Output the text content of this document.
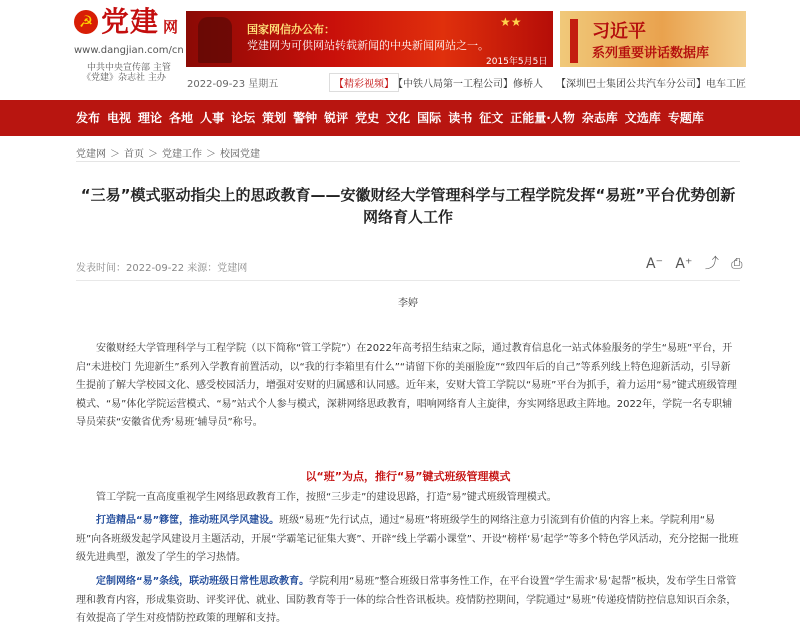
☭ 党建 网
www.dangjian.com/cn
中共中央宣传部 主管
《党建》杂志社 主办
国家网信办公布：
党建网为可供网站转载新闻的中央新闻网站之一。
★★
2015年5月5日
习近平
系列重要讲话数据库
2022-09-23 星期五	【精彩视频】 【中铁八局第一工程公司】修桥人 【深圳巴士集团公共汽车分公司】电车工匠
发布 电视 理论 各地 人事 论坛 策划 警钟 锐评 党史 文化 国际 读书 征文 正能量·人物 杂志库 文选库 专题库
党建网 ＞ 首页 ＞ 党建工作 ＞ 校园党建
“三易”模式驱动指尖上的思政教育——安徽财经大学管理科学与工程学院发挥“易班”平台优势创新网络育人工作
发表时间：2022-09-22 来源：党建网	A⁻ A⁺ ⤴ ⎙
李婷

安徽财经大学管理科学与工程学院（以下简称“管工学院”）在2022年高考招生结束之际，通过教育信息化一站式体验服务的学生“易班”平台，开启“未进校门 先迎新生”系列入学教育前置活动，以“我的行李箱里有什么”“请留下你的美丽脸庞”“致四年后的自己”等系列线上特色迎新活动，引导新生提前了解大学校园文化、感受校园活力，增强对安财的归属感和认同感。近年来，安财大管工学院以“易班”平台为抓手，着力运用“易”键式班级管理模式、“易”体化学院运营模式、“易”站式个人参与模式，深耕网络思政教育，唱响网络育人主旋律，夯实网络思政主阵地。2022年，学院一名专职辅导员荣获“安徽省优秀‘易班’辅导员”称号。

以“班”为点，推行“易”键式班级管理模式

管工学院一直高度重视学生网络思政教育工作，按照“三步走”的建设思路，打造“易”键式班级管理模式。

打造精品“易”簃筐，推动班风学风建设。班级“易班”先行试点，通过“易班”将班级学生的网络注意力引流到有价值的内容上来。学院利用“易班”向各班级发起学风建设月主题活动，开展“学霸笔记征集大赛”、开辟“线上学霸小课堂”、开设“榜样‘易’起学”等多个特色学风活动，充分挖掘一批班级先进典型，激发了学生的学习热情。

定制网络“易”条线，联动班级日常性思政教育。学院利用“易班”整合班级日常事务性工作，在平台设置“学生需求‘易’起帮”板块，发布学生日常管理和教育内容，形成集资助、评奖评优、就业、国防教育等于一体的综合性咨讯板块。疫情防控期间，学院通过“易班”传递疫情防控信息知识百余条，有效提高了学生对疫情防控政策的理解和支持。
